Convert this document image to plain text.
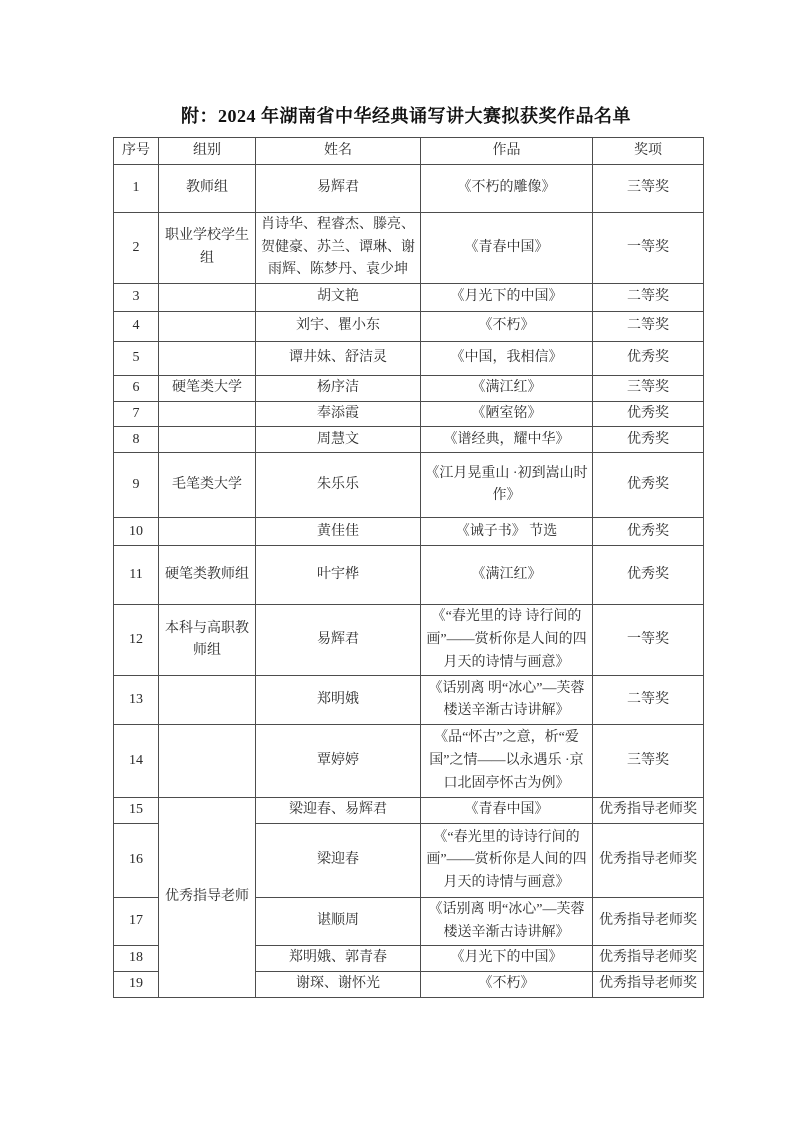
附：2024 年湖南省中华经典诵写讲大赛拟获奖作品名单
序号	组别	姓名	作品	奖项
1	教师组	易辉君	《不朽的雕像》	三等奖
2	职业学校学生组	肖诗华、程睿杰、滕亮、贺健豪、苏兰、谭琳、谢雨辉、陈梦丹、袁少坤	《青春中国》	一等奖
3		胡文艳	《月光下的中国》	二等奖
4		刘宇、瞿小东	《不朽》	二等奖
5		谭井妹、舒洁灵	《中国，我相信》	优秀奖
6	硬笔类大学	杨序洁	《满江红》	三等奖
7		奉添霞	《陋室铭》	优秀奖
8		周慧文	《谱经典，耀中华》	优秀奖
9	毛笔类大学	朱乐乐	《江月晃重山 ·初到嵩山时作》	优秀奖
10		黄佳佳	《诫子书》 节选	优秀奖
11	硬笔类教师组	叶宇桦	《满江红》	优秀奖
12	本科与高职教师组	易辉君	《“春光里的诗 诗行间的画”——赏析你是人间的四月天的诗情与画意》	一等奖
13		郑明娥	《话别离 明“冰心”—芙蓉楼送辛渐古诗讲解》	二等奖
14		覃婷婷	《品“怀古”之意，析“爱国”之情——以永遇乐 ·京口北固亭怀古为例》	三等奖
15	优秀指导老师	梁迎春、易辉君	《青春中国》	优秀指导老师奖
16		梁迎春	《“春光里的诗诗行间的画”——赏析你是人间的四月天的诗情与画意》	优秀指导老师奖
17		谌顺周	《话别离 明“冰心”—芙蓉楼送辛渐古诗讲解》	优秀指导老师奖
18		郑明娥、郭青春	《月光下的中国》	优秀指导老师奖
19		谢琛、谢怀光	《不朽》	优秀指导老师奖
